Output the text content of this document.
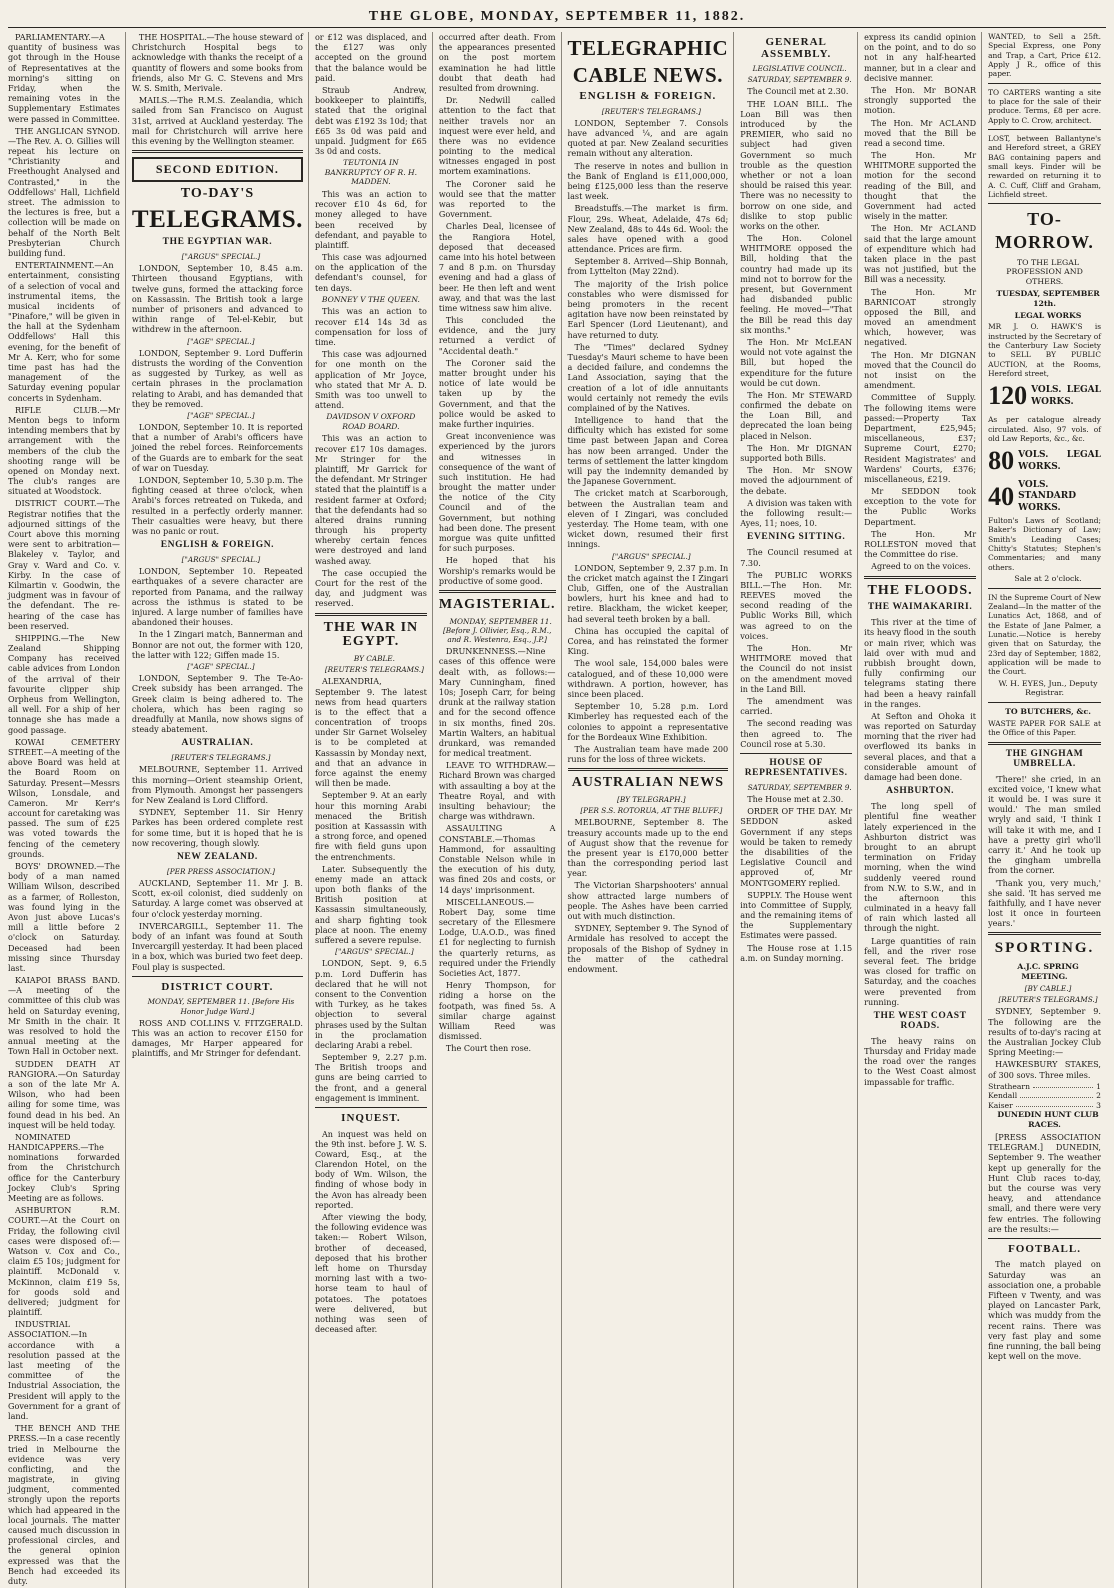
THE GLOBE, MONDAY, SEPTEMBER 11, 1882.

PARLIAMENTARY.—A quantity of business was got through in the House of Representatives at the morning's sitting on Friday, when the remaining votes in the Supplementary Estimates were passed in Committee.

THE ANGLICAN SYNOD.—The Rev. A. O. Gillies will repeat his lecture on "Christianity and Freethought Analysed and Contrasted," in the Oddfellows' Hall, Lichfield street. The admission to the lectures is free, but a collection will be made on behalf of the North Belt Presbyterian Church building fund.

ENTERTAINMENT.—An entertainment, consisting of a selection of vocal and instrumental items, the musical incidents of "Pinafore," will be given in the hall at the Sydenham Oddfellows' Hall this evening, for the benefit of Mr A. Kerr, who for some time past has had the management of the Saturday evening popular concerts in Sydenham.

RIFLE CLUB.—Mr Menton begs to inform intending members that by arrangement with the members of the club the shooting range will be opened on Monday next. The club's ranges are situated at Woodstock.

DISTRICT COURT.—The Registrar notifies that the adjourned sittings of the Court above this morning were sent to arbitration—Blakeley v. Taylor, and Gray v. Ward and Co. v. Kirby. In the case of Kilmartin v. Goodwin, the judgment was in favour of the defendant. The re-hearing of the case has been reserved.

SHIPPING.—The New Zealand Shipping Company has received cable advices from London of the arrival of their favourite clipper ship Orpheus from Wellington, all well. For a ship of her tonnage she has made a good passage.

KOWAI CEMETERY STREET.—A meeting of the above Board was held at the Board Room on Saturday. Present—Messrs Wilson, Lonsdale, and Cameron. Mr Kerr's account for caretaking was passed. The sum of £25 was voted towards the fencing of the cemetery grounds.

BOYS' DROWNED.—The body of a man named William Wilson, described as a farmer, of Rolleston, was found lying in the Avon just above Lucas's mill a little before 2 o'clock on Saturday. Deceased had been missing since Thursday last.

KAIAPOI BRASS BAND.—A meeting of the committee of this club was held on Saturday evening, Mr Smith in the chair. It was resolved to hold the annual meeting at the Town Hall in October next.

SUDDEN DEATH AT RANGIORA.—On Saturday a son of the late Mr A. Wilson, who had been ailing for some time, was found dead in his bed. An inquest will be held today.

NOMINATED HANDICAPPERS.—The nominations forwarded from the Christchurch office for the Canterbury Jockey Club's Spring Meeting are as follows.

ASHBURTON R.M. COURT.—At the Court on Friday, the following civil cases were disposed of:—Watson v. Cox and Co., claim £5 10s; judgment for plaintiff. McDonald v. McKinnon, claim £19 5s, for goods sold and delivered; judgment for plaintiff.

INDUSTRIAL ASSOCIATION.—In accordance with a resolution passed at the last meeting of the committee of the Industrial Association, the President will apply to the Government for a grant of land.

THE BENCH AND THE PRESS.—In a case recently tried in Melbourne the evidence was very conflicting, and the magistrate, in giving judgment, commented strongly upon the reports which had appeared in the local journals. The matter caused much discussion in professional circles, and the general opinion expressed was that the Bench had exceeded its duty.

THE HOSPITAL.—The house steward of Christchurch Hospital begs to acknowledge with thanks the receipt of a quantity of flowers and some books from friends, also Mr G. C. Stevens and Mrs W. S. Smith, Merivale.

MAILS.—The R.M.S. Zealandia, which sailed from San Francisco on August 31st, arrived at Auckland yesterday. The mail for Christchurch will arrive here this evening by the Wellington steamer.

SECOND EDITION.
TO-DAY'S
TELEGRAMS.
THE EGYPTIAN WAR.

["ARGUS" SPECIAL.]

LONDON, September 10, 8.45 a.m. Thirteen thousand Egyptians, with twelve guns, formed the attacking force on Kassassin. The British took a large number of prisoners and advanced to within range of Tel-el-Kebir, but withdrew in the afternoon.

["AGE" SPECIAL.]

LONDON, September 9. Lord Dufferin distrusts the wording of the Convention as suggested by Turkey, as well as certain phrases in the proclamation relating to Arabi, and has demanded that they be removed.

["AGE" SPECIAL.]

LONDON, September 10. It is reported that a number of Arabi's officers have joined the rebel forces. Reinforcements of the Guards are to embark for the seat of war on Tuesday.

LONDON, September 10, 5.30 p.m. The fighting ceased at three o'clock, when Arabi's forces retreated on Tukeda, and resulted in a perfectly orderly manner. Their casualties were heavy, but there was no panic or rout.

ENGLISH & FOREIGN.

["ARGUS" SPECIAL.]

LONDON, September 10. Repeated earthquakes of a severe character are reported from Panama, and the railway across the isthmus is stated to be injured. A large number of families have abandoned their houses.

In the 1 Zingari match, Bannerman and Bonnor are not out, the former with 120, the latter with 122; Giffen made 15.

["AGE" SPECIAL.]

LONDON, September 9. The Te-Ao-Creek subsidy has been arranged. The Greek claim is being adhered to. The cholera, which has been raging so dreadfully at Manila, now shows signs of steady abatement.

AUSTRALIAN.

[REUTER'S TELEGRAMS.]

MELBOURNE, September 11. Arrived this morning—Orient steamship Orient, from Plymouth. Amongst her passengers for New Zealand is Lord Clifford.

SYDNEY, September 11. Sir Henry Parkes has been ordered complete rest for some time, but it is hoped that he is now recovering, though slowly.

NEW ZEALAND.

[PER PRESS ASSOCIATION.]

AUCKLAND, September 11. Mr J. B. Scott, ex-oil colonist, died suddenly on Saturday. A large comet was observed at four o'clock yesterday morning.

INVERCARGILL, September 11. The body of an infant was found at South Invercargill yesterday. It had been placed in a box, which was buried two feet deep. Foul play is suspected.

DISTRICT COURT.

MONDAY, SEPTEMBER 11. [Before His Honor Judge Ward.]

ROSS AND COLLINS V. FITZGERALD. This was an action to recover £150 for damages, Mr Harper appeared for plaintiffs, and Mr Stringer for defendant.

or £12 was displaced, and the £127 was only accepted on the ground that the balance would be paid.

Straub Andrew, bookkeeper to plaintiffs, stated that the original debt was £192 3s 10d; that £65 3s 0d was paid and unpaid. Judgment for £65 3s 0d and costs.

TEUTONIA IN BANKRUPTCY OF R. H. MADDEN.

This was an action to recover £10 4s 6d, for money alleged to have been received by defendant, and payable to plaintiff.

This case was adjourned on the application of the defendant's counsel, for ten days.

BONNEY V THE QUEEN.

This was an action to recover £14 14s 3d as compensation for loss of time.

This case was adjourned for one month on the application of Mr Joyce, who stated that Mr A. D. Smith was too unwell to attend.

DAVIDSON V OXFORD ROAD BOARD.

This was an action to recover £17 10s damages. Mr Stringer for the plaintiff, Mr Garrick for the defendant. Mr Stringer stated that the plaintiff is a resident farmer at Oxford; that the defendants had so altered drains running through his property whereby certain fences were destroyed and land washed away.

The case occupied the Court for the rest of the day, and judgment was reserved.

THE WAR IN EGYPT.

BY CABLE.

[REUTER'S TELEGRAMS.]

ALEXANDRIA, September 9. The latest news from head quarters is to the effect that a concentration of troops under Sir Garnet Wolseley is to be completed at Kassassin by Monday next, and that an advance in force against the enemy will then be made.

September 9. At an early hour this morning Arabi menaced the British position at Kassassin with a strong force, and opened fire with field guns upon the entrenchments.

Later. Subsequently the enemy made an attack upon both flanks of the British position at Kassassin simultaneously, and sharp fighting took place at noon. The enemy suffered a severe repulse.

["ARGUS" SPECIAL.]

LONDON, Sept. 9, 6.5 p.m. Lord Dufferin has declared that he will not consent to the Convention with Turkey, as he takes objection to several phrases used by the Sultan in the proclamation declaring Arabi a rebel.

September 9, 2.27 p.m. The British troops and guns are being carried to the front, and a general engagement is imminent.

INQUEST.

An inquest was held on the 9th inst. before J. W. S. Coward, Esq., at the Clarendon Hotel, on the body of Wm. Wilson, the finding of whose body in the Avon has already been reported.

After viewing the body, the following evidence was taken:— Robert Wilson, brother of deceased, deposed that his brother left home on Thursday morning last with a two-horse team to haul of potatoes. The potatoes were delivered, but nothing was seen of deceased after.

occurred after death. From the appearances presented on the post mortem examination he had little doubt that death had resulted from drowning.

Dr. Nedwill called attention to the fact that neither travels nor an inquest were ever held, and there was no evidence pointing to the medical witnesses engaged in post mortem examinations.

The Coroner said he would see that the matter was reported to the Government.

Charles Deal, licensee of the Rangiora Hotel, deposed that deceased came into his hotel between 7 and 8 p.m. on Thursday evening and had a glass of beer. He then left and went away, and that was the last time witness saw him alive.

This concluded the evidence, and the jury returned a verdict of "Accidental death."

The Coroner said the matter brought under his notice of late would be taken up by the Government, and that the police would be asked to make further inquiries.

Great inconvenience was experienced by the jurors and witnesses in consequence of the want of such institution. He had brought the matter under the notice of the City Council and of the Government, but nothing had been done. The present morgue was quite unfitted for such purposes.

He hoped that his Worship's remarks would be productive of some good.

MAGISTERIAL.

MONDAY, SEPTEMBER 11. [Before J. Ollivier, Esq., R.M., and R. Westenra, Esq., J.P.]

DRUNKENNESS.—Nine cases of this offence were dealt with, as follows:—Mary Cunningham, fined 10s; Joseph Carr, for being drunk at the railway station and for the second offence in six months, fined 20s. Martin Walters, an habitual drunkard, was remanded for medical treatment.

LEAVE TO WITHDRAW.—Richard Brown was charged with assaulting a boy at the Theatre Royal, and with insulting behaviour; the charge was withdrawn.

ASSAULTING A CONSTABLE.—Thomas Hammond, for assaulting Constable Nelson while in the execution of his duty, was fined 20s and costs, or 14 days' imprisonment.

MISCELLANEOUS.—Robert Day, some time secretary of the Ellesmere Lodge, U.A.O.D., was fined £1 for neglecting to furnish the quarterly returns, as required under the Friendly Societies Act, 1877.

Henry Thompson, for riding a horse on the footpath, was fined 5s. A similar charge against William Reed was dismissed.

The Court then rose.

TELEGRAPHIC
CABLE NEWS.
ENGLISH & FOREIGN.

[REUTER'S TELEGRAMS.]

LONDON, September 7. Consols have advanced ¼, and are again quoted at par. New Zealand securities remain without any alteration.

The reserve in notes and bullion in the Bank of England is £11,000,000, being £125,000 less than the reserve last week.

Breadstuffs.—The market is firm. Flour, 29s. Wheat, Adelaide, 47s 6d; New Zealand, 48s to 44s 6d. Wool: the sales have opened with a good attendance. Prices are firm.

September 8. Arrived—Ship Bonnah, from Lyttelton (May 22nd).

The majority of the Irish police constables who were dismissed for being promoters in the recent agitation have now been reinstated by Earl Spencer (Lord Lieutenant), and have returned to duty.

The "Times" declared Sydney Tuesday's Mauri scheme to have been a decided failure, and condemns the Land Association, saying that the creation of a lot of idle annuitants would certainly not remedy the evils complained of by the Natives.

Intelligence to hand that the difficulty which has existed for some time past between Japan and Corea has now been arranged. Under the terms of settlement the latter kingdom will pay the indemnity demanded by the Japanese Government.

The cricket match at Scarborough, between the Australian team and eleven of I Zingari, was concluded yesterday. The Home team, with one wicket down, resumed their first innings.

["ARGUS" SPECIAL.]

LONDON, September 9, 2.37 p.m. In the cricket match against the I Zingari Club, Giffen, one of the Australian bowlers, hurt his knee and had to retire. Blackham, the wicket keeper, had several teeth broken by a ball.

China has occupied the capital of Corea, and has reinstated the former King.

The wool sale, 154,000 bales were catalogued, and of these 10,000 were withdrawn. A portion, however, has since been placed.

September 10, 5.28 p.m. Lord Kimberley has requested each of the colonies to appoint a representative for the Bordeaux Wine Exhibition.

The Australian team have made 200 runs for the loss of three wickets.

AUSTRALIAN NEWS

[BY TELEGRAPH.]

[PER S.S. ROTORUA, AT THE BLUFF.]

MELBOURNE, September 8. The treasury accounts made up to the end of August show that the revenue for the present year is £170,000 better than the corresponding period last year.

The Victorian Sharpshooters' annual show attracted large numbers of people. The Ashes have been carried out with much distinction.

SYDNEY, September 9. The Synod of Armidale has resolved to accept the proposals of the Bishop of Sydney in the matter of the cathedral endowment.

GENERAL ASSEMBLY.

LEGISLATIVE COUNCIL.

SATURDAY, SEPTEMBER 9.

The Council met at 2.30.

THE LOAN BILL. The Loan Bill was then introduced by the PREMIER, who said no subject had given Government so much trouble as the question whether or not a loan should be raised this year. There was no necessity to borrow on one side, and dislike to stop public works on the other.

The Hon. Colonel WHITMORE opposed the Bill, holding that the country had made up its mind not to borrow for the present, but Government had disbanded public feeling. He moved—"That the Bill be read this day six months."

The Hon. Mr McLEAN would not vote against the Bill, but hoped the expenditure for the future would be cut down.

The Hon. Mr STEWARD confirmed the debate on the Loan Bill, and deprecated the loan being placed in Nelson.

The Hon. Mr DIGNAN supported both Bills.

The Hon. Mr SNOW moved the adjournment of the debate.

A division was taken with the following result:—Ayes, 11; noes, 10.

EVENING SITTING.

The Council resumed at 7.30.

The PUBLIC WORKS BILL.—The Hon. Mr. REEVES moved the second reading of the Public Works Bill, which was agreed to on the voices.

The Hon. Mr WHITMORE moved that the Council do not insist on the amendment moved in the Land Bill.

The amendment was carried.

The second reading was then agreed to. The Council rose at 5.30.

HOUSE OF REPRESENTATIVES.

SATURDAY, SEPTEMBER 9.

The House met at 2.30.

ORDER OF THE DAY. Mr SEDDON asked Government if any steps would be taken to remedy the disabilities of the Legislative Council and approved of, Mr MONTGOMERY replied.

SUPPLY. The House went into Committee of Supply, and the remaining items of the Supplementary Estimates were passed.

The House rose at 1.15 a.m. on Sunday morning.

express its candid opinion on the point, and to do so not in any half-hearted manner, but in a clear and decisive manner.

The Hon. Mr BONAR strongly supported the motion.

The Hon. Mr ACLAND moved that the Bill be read a second time.

The Hon. Mr WHITMORE supported the motion for the second reading of the Bill, and thought that the Government had acted wisely in the matter.

The Hon. Mr ACLAND said that the large amount of expenditure which had taken place in the past was not justified, but the Bill was a necessity.

The Hon. Mr BARNICOAT strongly opposed the Bill, and moved an amendment which, however, was negatived.

The Hon. Mr DIGNAN moved that the Council do not insist on the amendment.

Committee of Supply. The following items were passed:—Property Tax Department, £25,945; miscellaneous, £37; Supreme Court, £270; Resident Magistrates' and Wardens' Courts, £376; miscellaneous, £219.

Mr SEDDON took exception to the vote for the Public Works Department.

The Hon. Mr ROLLESTON moved that the Committee do rise.

Agreed to on the voices.

THE FLOODS.
THE WAIMAKARIRI.

This river at the time of its heavy flood in the south or main river, which was laid over with mud and rubbish brought down, fully confirming our telegrams stating there had been a heavy rainfall in the ranges.

At Sefton and Ohoka it was reported on Saturday morning that the river had overflowed its banks in several places, and that a considerable amount of damage had been done.

ASHBURTON.

The long spell of plentiful fine weather lately experienced in the Ashburton district was brought to an abrupt termination on Friday morning, when the wind suddenly veered round from N.W. to S.W., and in the afternoon this culminated in a heavy fall of rain which lasted all through the night.

Large quantities of rain fell, and the river rose several feet. The bridge was closed for traffic on Saturday, and the coaches were prevented from running.

THE WEST COAST ROADS.

The heavy rains on Thursday and Friday made the road over the ranges to the West Coast almost impassable for traffic.

WANTED, to Sell a 25ft. Special Express, one Pony and Trap, a Cart, Price £12. Apply J R., office of this paper.

TO CARTERS wanting a site to place for the sale of their produce. Terms, £8 per acre. Apply to C. Crow, architect.

LOST, between Ballantyne's and Hereford street, a GREY BAG containing papers and small keys. Finder will be rewarded on returning it to A. C. Cuff, Cliff and Graham, Lichfield street.

TO-MORROW.

TO THE LEGAL PROFESSION AND OTHERS.

TUESDAY, SEPTEMBER 12th.

LEGAL WORKS

MR J. O. HAWK'S is instructed by the Secretary of the Canterbury Law Society to SELL BY PUBLIC AUCTION, at the Rooms, Hereford street,

120 VOLS. LEGAL WORKS.

As per catalogue already circulated. Also, 97 vols. of old Law Reports, &c., &c.

80 VOLS. LEGAL WORKS.
40 VOLS. STANDARD WORKS.

Fulton's Laws of Scotland; Baker's Dictionary of Law; Smith's Leading Cases; Chitty's Statutes; Stephen's Commentaries; and many others.

Sale at 2 o'clock.

IN the Supreme Court of New Zealand—In the matter of the Lunatics Act, 1868, and of the Estate of Jane Palmer, a Lunatic.—Notice is hereby given that on Saturday, the 23rd day of September, 1882, application will be made to the Court.

W. H. EYES, Jun., Deputy Registrar.

TO BUTCHERS, &c.

WASTE PAPER FOR SALE at the Office of this Paper.

THE GINGHAM UMBRELLA.

'There!' she cried, in an excited voice, 'I knew what it would be. I was sure it would.' The man smiled wryly and said, 'I think I will take it with me, and I have a pretty girl who'll carry it.' And he took up the gingham umbrella from the corner.

'Thank you, very much,' she said. 'It has served me faithfully, and I have never lost it once in fourteen years.'

SPORTING.

A.J.C. SPRING MEETING.

[BY CABLE.]

[REUTER'S TELEGRAMS.]

SYDNEY, September 9. The following are the results of to-day's racing at the Australian Jockey Club Spring Meeting:—

HAWKESBURY STAKES, of 300 sovs. Three miles.

Strathearn	1
Kendall	2
Kaiser	3

DUNEDIN HUNT CLUB RACES.

[PRESS ASSOCIATION TELEGRAM.] DUNEDIN, September 9. The weather kept up generally for the Hunt Club races to-day, but the course was very heavy, and attendance small, and there were very few entries. The following are the results:—

FOOTBALL.

The match played on Saturday was an association one, a probable Fifteen v Twenty, and was played on Lancaster Park, which was muddy from the recent rains. There was very fast play and some fine running, the ball being kept well on the move.
